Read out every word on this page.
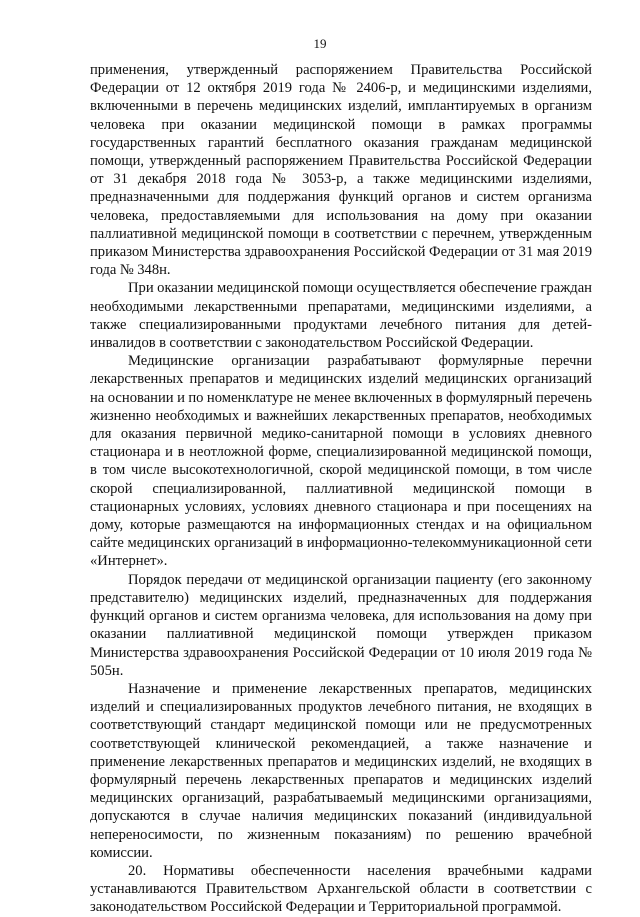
19

применения, утвержденный распоряжением Правительства Российской Федерации от 12 октября 2019 года № 2406-р, и медицинскими изделиями, включенными в перечень медицинских изделий, имплантируемых в организм человека при оказании медицинской помощи в рамках программы государственных гарантий бесплатного оказания гражданам медицинской помощи, утвержденный распоряжением Правительства Российской Федерации от 31 декабря 2018 года № 3053-р, а также медицинскими изделиями, предназначенными для поддержания функций органов и систем организма человека, предоставляемыми для использования на дому при оказании паллиативной медицинской помощи в соответствии с перечнем, утвержденным приказом Министерства здравоохранения Российской Федерации от 31 мая 2019 года № 348н.

При оказании медицинской помощи осуществляется обеспечение граждан необходимыми лекарственными препаратами, медицинскими изделиями, а также специализированными продуктами лечебного питания для детей-инвалидов в соответствии с законодательством Российской Федерации.

Медицинские организации разрабатывают формулярные перечни лекарственных препаратов и медицинских изделий медицинских организаций на основании и по номенклатуре не менее включенных в формулярный перечень жизненно необходимых и важнейших лекарственных препаратов, необходимых для оказания первичной медико-санитарной помощи в условиях дневного стационара и в неотложной форме, специализированной медицинской помощи, в том числе высокотехнологичной, скорой медицинской помощи, в том числе скорой специализированной, паллиативной медицинской помощи в стационарных условиях, условиях дневного стационара и при посещениях на дому, которые размещаются на информационных стендах и на официальном сайте медицинских организаций в информационно-телекоммуникационной сети «Интернет».

Порядок передачи от медицинской организации пациенту (его законному представителю) медицинских изделий, предназначенных для поддержания функций органов и систем организма человека, для использования на дому при оказании паллиативной медицинской помощи утвержден приказом Министерства здравоохранения Российской Федерации от 10 июля 2019 года № 505н.

Назначение и применение лекарственных препаратов, медицинских изделий и специализированных продуктов лечебного питания, не входящих в соответствующий стандарт медицинской помощи или не предусмотренных соответствующей клинической рекомендацией, а также назначение и применение лекарственных препаратов и медицинских изделий, не входящих в формулярный перечень лекарственных препаратов и медицинских изделий медицинских организаций, разрабатываемый медицинскими организациями, допускаются в случае наличия медицинских показаний (индивидуальной непереносимости, по жизненным показаниям) по решению врачебной комиссии.

20. Нормативы обеспеченности населения врачебными кадрами устанавливаются Правительством Архангельской области в соответствии с законодательством Российской Федерации и Территориальной программой.
